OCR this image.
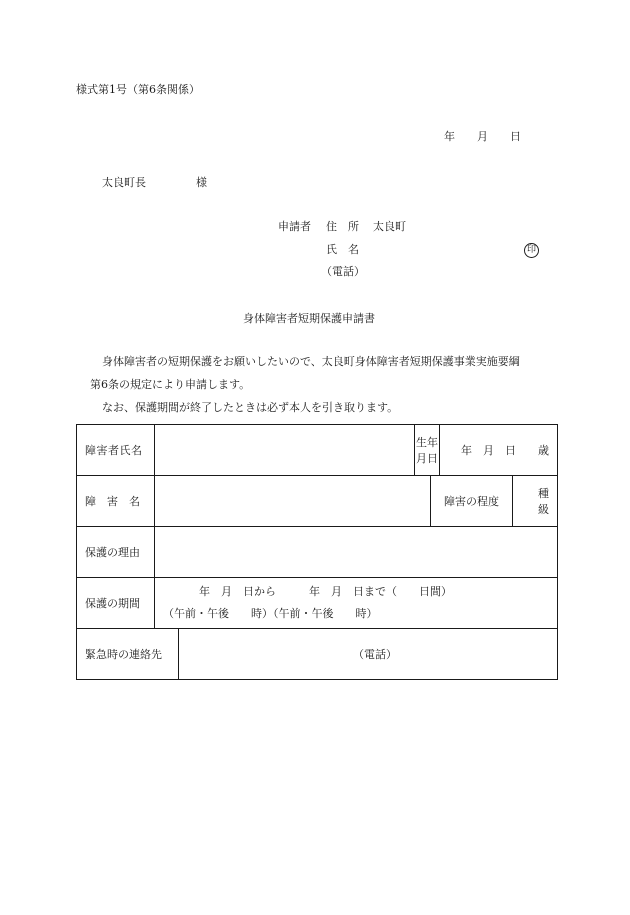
様式第1号（第6条関係）
年　　月　　日
太良町長	様
申請者 住　所 太良町
氏　名	印
（電話）
身体障害者短期保護申請書
身体障害者の短期保護をお願いしたいので、太良町身体障害者短期保護事業実施要綱
第6条の規定により申請します。
なお、保護期間が終了したときは必ず本人を引き取ります。
障害者氏名			生年月日		年　月　日　　歳	
障　害　名				障害の程度		種　　級
保護の理由						
保護の期間	年　月　日から　　　年　月　日まで（　　日間）
（午前・午後　　時）（午前・午後　　時）					

緊急時の連絡先		（電話）				
